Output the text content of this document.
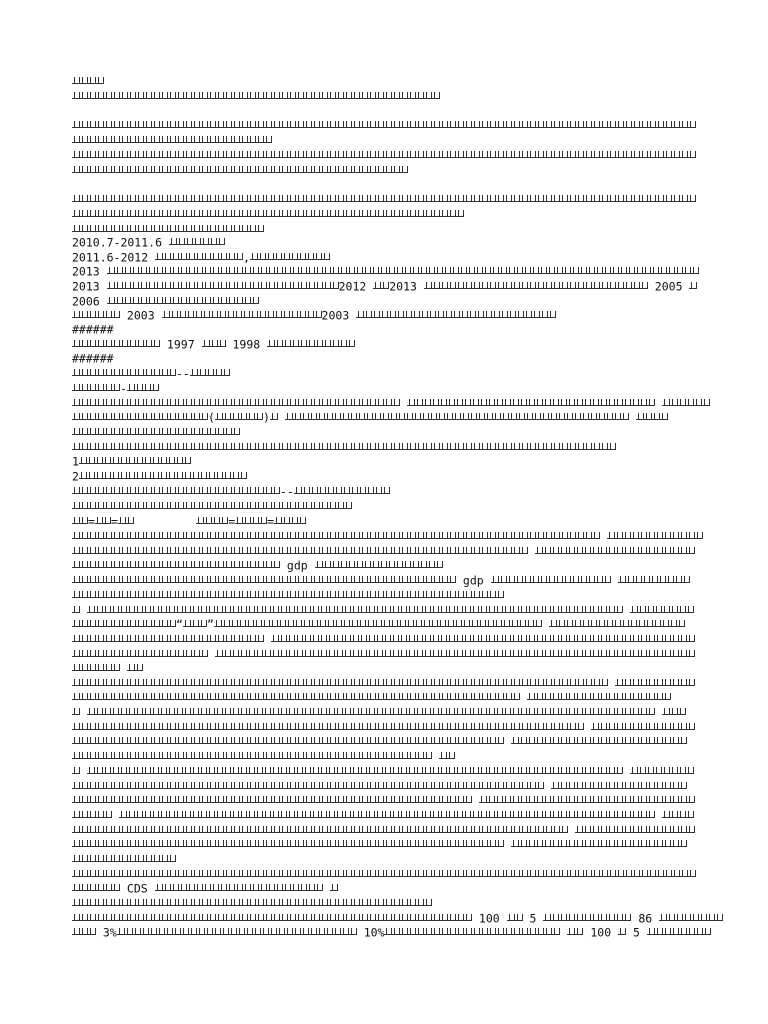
2010.7-2011.6
2011.6-2012	,
2013
2013	2012 2013	2005
2006
2003	2003
######
1997  1998
######
--
-

(	)
1
2
--
= =	=	=

gdp
gdp

“ ”

CDS
100  5	86
3%	10%	100  5
